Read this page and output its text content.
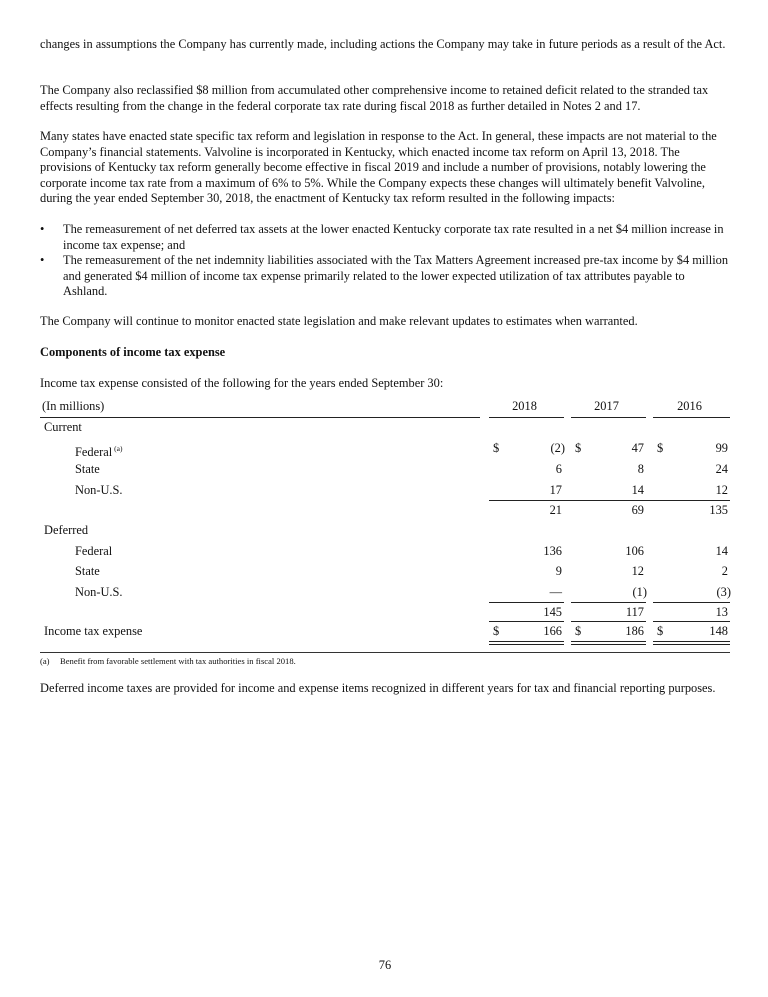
changes in assumptions the Company has currently made, including actions the Company may take in future periods as a result of the Act.

The Company also reclassified $8 million from accumulated other comprehensive income to retained deficit related to the stranded tax effects resulting from the change in the federal corporate tax rate during fiscal 2018 as further detailed in Notes 2 and 17.

Many states have enacted state specific tax reform and legislation in response to the Act. In general, these impacts are not material to the Company’s financial statements. Valvoline is incorporated in Kentucky, which enacted income tax reform on April 13, 2018. The provisions of Kentucky tax reform generally become effective in fiscal 2019 and include a number of provisions, notably lowering the corporate income tax rate from a maximum of 6% to 5%. While the Company expects these changes will ultimately benefit Valvoline, during the year ended September 30, 2018, the enactment of Kentucky tax reform resulted in the following impacts:

• The remeasurement of net deferred tax assets at the lower enacted Kentucky corporate tax rate resulted in a net $4 million increase in income tax expense; and
• The remeasurement of the net indemnity liabilities associated with the Tax Matters Agreement increased pre-tax income by $4 million and generated $4 million of income tax expense primarily related to the lower expected utilization of tax attributes payable to Ashland.

The Company will continue to monitor enacted state legislation and make relevant updates to estimates when warranted.

Components of income tax expense

Income tax expense consisted of the following for the years ended September 30:

(In millions)	2018	2017	2016
Current
Federal $^{(a)}$	$	(2) $	47 $	99
State	6	8	24
Non-U.S.	17	14	12
21	69	135
Deferred
Federal	136	106	14
State	9	12	2
Non-U.S.	—	(1)	(3)
145	117	13
Income tax expense	$	166 $	186 $	148
(a) Benefit from favorable settlement with tax authorities in fiscal 2018.

Deferred income taxes are provided for income and expense items recognized in different years for tax and financial reporting purposes.

76
